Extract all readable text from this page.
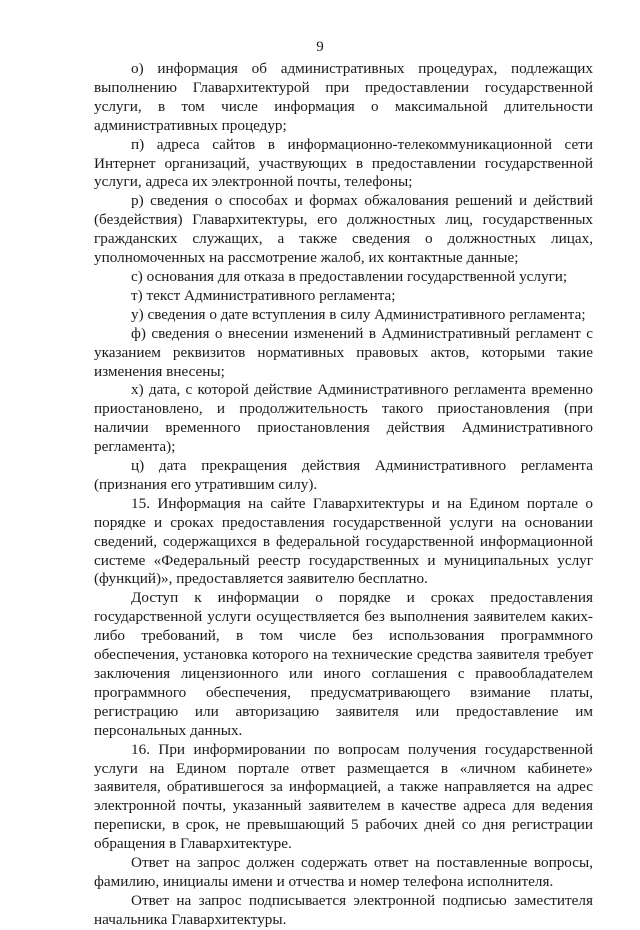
9

о) информация об административных процедурах, подлежащих выполнению Главархитектурой при предоставлении государственной услуги, в том числе информация о максимальной длительности административных процедур;

п) адреса сайтов в информационно-телекоммуникационной сети Интернет организаций, участвующих в предоставлении государственной услуги, адреса их электронной почты, телефоны;

р) сведения о способах и формах обжалования решений и действий (бездействия) Главархитектуры, его должностных лиц, государственных гражданских служащих, а также сведения о должностных лицах, уполномоченных на рассмотрение жалоб, их контактные данные;

с) основания для отказа в предоставлении государственной услуги;

т) текст Административного регламента;

у) сведения о дате вступления в силу Административного регламента;

ф) сведения о внесении изменений в Административный регламент с указанием реквизитов нормативных правовых актов, которыми такие изменения внесены;

х) дата, с которой действие Административного регламента временно приостановлено, и продолжительность такого приостановления (при наличии временного приостановления действия Административного регламента);

ц) дата прекращения действия Административного регламента (признания его утратившим силу).

15. Информация на сайте Главархитектуры и на Едином портале о порядке и сроках предоставления государственной услуги на основании сведений, содержащихся в федеральной государственной информационной системе «Федеральный реестр государственных и муниципальных услуг (функций)», предоставляется заявителю бесплатно.

Доступ к информации о порядке и сроках предоставления государственной услуги осуществляется без выполнения заявителем каких-либо требований, в том числе без использования программного обеспечения, установка которого на технические средства заявителя требует заключения лицензионного или иного соглашения с правообладателем программного обеспечения, предусматривающего взимание платы, регистрацию или авторизацию заявителя или предоставление им персональных данных.

16. При информировании по вопросам получения государственной услуги на Едином портале ответ размещается в «личном кабинете» заявителя, обратившегося за информацией, а также направляется на адрес электронной почты, указанный заявителем в качестве адреса для ведения переписки, в срок, не превышающий 5 рабочих дней со дня регистрации обращения в Главархитектуре.

Ответ на запрос должен содержать ответ на поставленные вопросы, фамилию, инициалы имени и отчества и номер телефона исполнителя.

Ответ на запрос подписывается электронной подписью заместителя начальника Главархитектуры.
